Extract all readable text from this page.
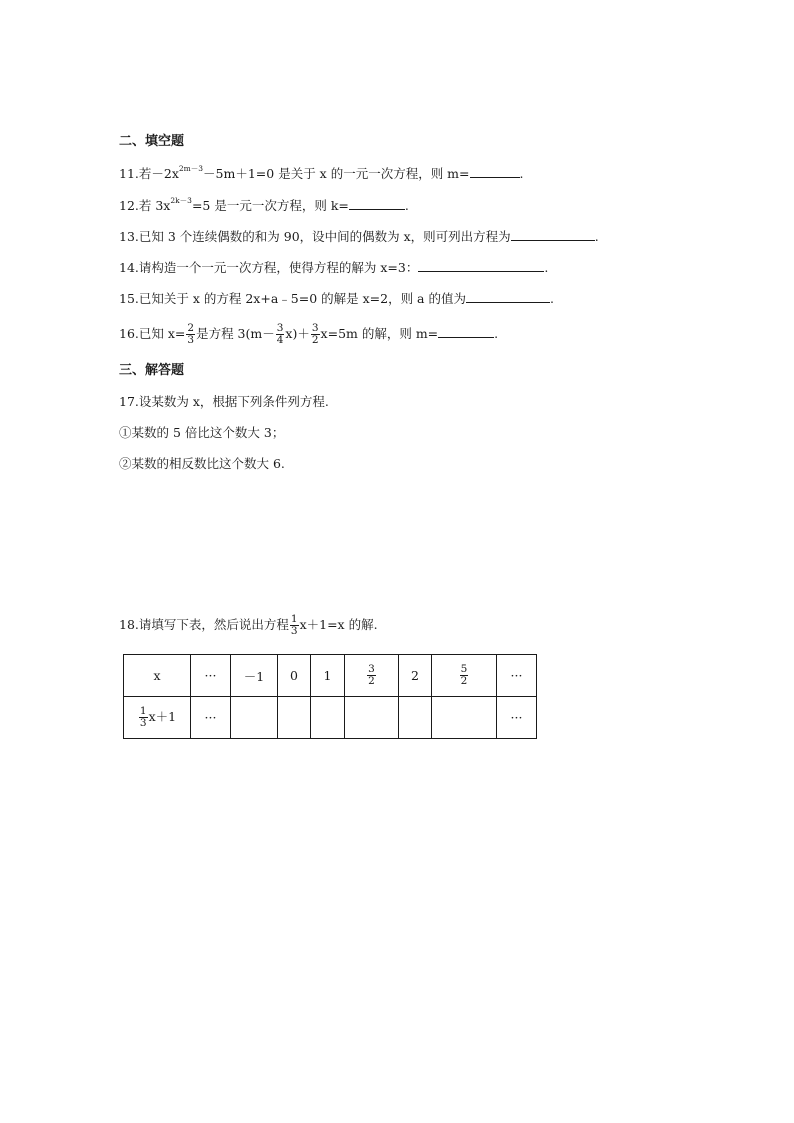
二、填空题
11.若$-2x^{2m-3}-5m+1=0$ 是关于 x 的一元一次方程，则 m=	.
12.若 $3x^{2k-3}=5$ 是一元一次方程，则 k=	.
13.已知 3 个连续偶数的和为 90，设中间的偶数为 x，则可列出方程为	.
14.请构造一个一元一次方程，使得方程的解为 x=3：	.
15.已知关于 x 的方程 2x+a﹣5=0 的解是 x=2，则 a 的值为	.
16.已知 $x= \frac{2}{3}$ 是方程 $3(m- \frac{3}{4} x)+ \frac{3}{2} x=5m$ 的解，则 m=	.
三、解答题
17.设某数为 x，根据下列条件列方程.
①某数的 5 倍比这个数大 3；
②某数的相反数比这个数大 6.
18.请填写下表，然后说出方程 $\frac{1}{3} x+1=x$ 的解.
x	···	－1	0	1	$\frac{3}{2}$	2	$\frac{5}{2}$	···

$\frac{1}{3} x+1$	···							···
